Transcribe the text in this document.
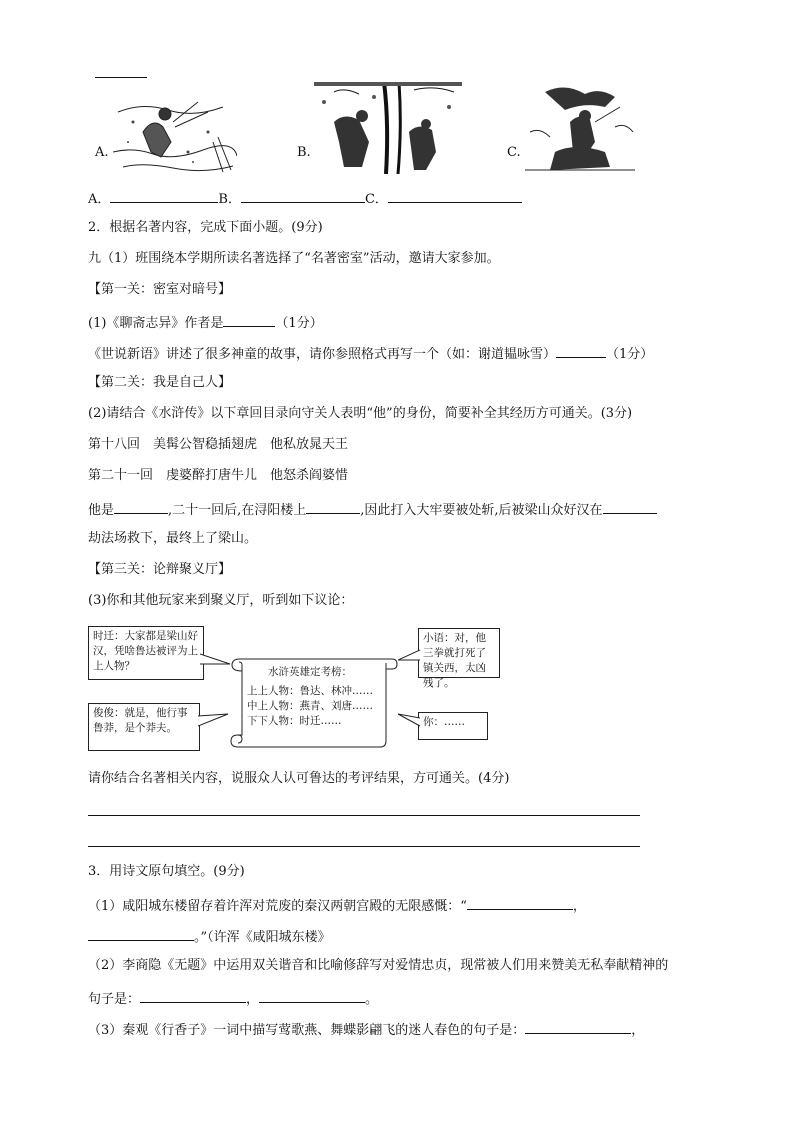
A.	B.	C.
A．	B．	C．
2．根据名著内容，完成下面小题。(9分)
九（1）班围绕本学期所读名著选择了“名著密室”活动，邀请大家参加。
【第一关：密室对暗号】
(1)《聊斋志异》作者是	（1分）
《世说新语》讲述了很多神童的故事，请你参照格式再写一个（如：谢道韫咏雪）	（1分）
【第二关：我是自己人】
(2)请结合《水浒传》以下章回目录向守关人表明“他”的身份，简要补全其经历方可通关。(3分)
第十八回　美髯公智稳插翅虎　他私放晁天王
第二十一回　虔婆醉打唐牛儿　他怒杀阎婆惜
他是	,二十一回后,在浔阳楼上	,因此打入大牢要被处斩,后被梁山众好汉在
劫法场救下，最终上了梁山。
【第三关：论辩聚义厅】
(3)你和其他玩家来到聚义厅，听到如下议论：
时迁：大家都是梁山好汉，凭啥鲁达被评为上上人物？
小语：对，他三拳就打死了镇关西，太凶残了。
俊俊：就是，他行事鲁莽，是个莽夫。	你：……
水浒英雄定考榜：
上上人物：鲁达、林冲……
中上人物：燕青、刘唐……
下下人物：时迁……
请你结合名著相关内容，说服众人认可鲁达的考评结果，方可通关。(4分)
3．用诗文原句填空。(9分)
（1）咸阳城东楼留存着许浑对荒废的秦汉两朝宫殿的无限感慨：“	，
。”（许浑《咸阳城东楼》
（2）李商隐《无题》中运用双关谐音和比喻修辞写对爱情忠贞，现常被人们用来赞美无私奉献精神的
句子是：	，	。
（3）秦观《行香子》一词中描写莺歌燕、舞蝶影翩飞的迷人春色的句子是：	，
